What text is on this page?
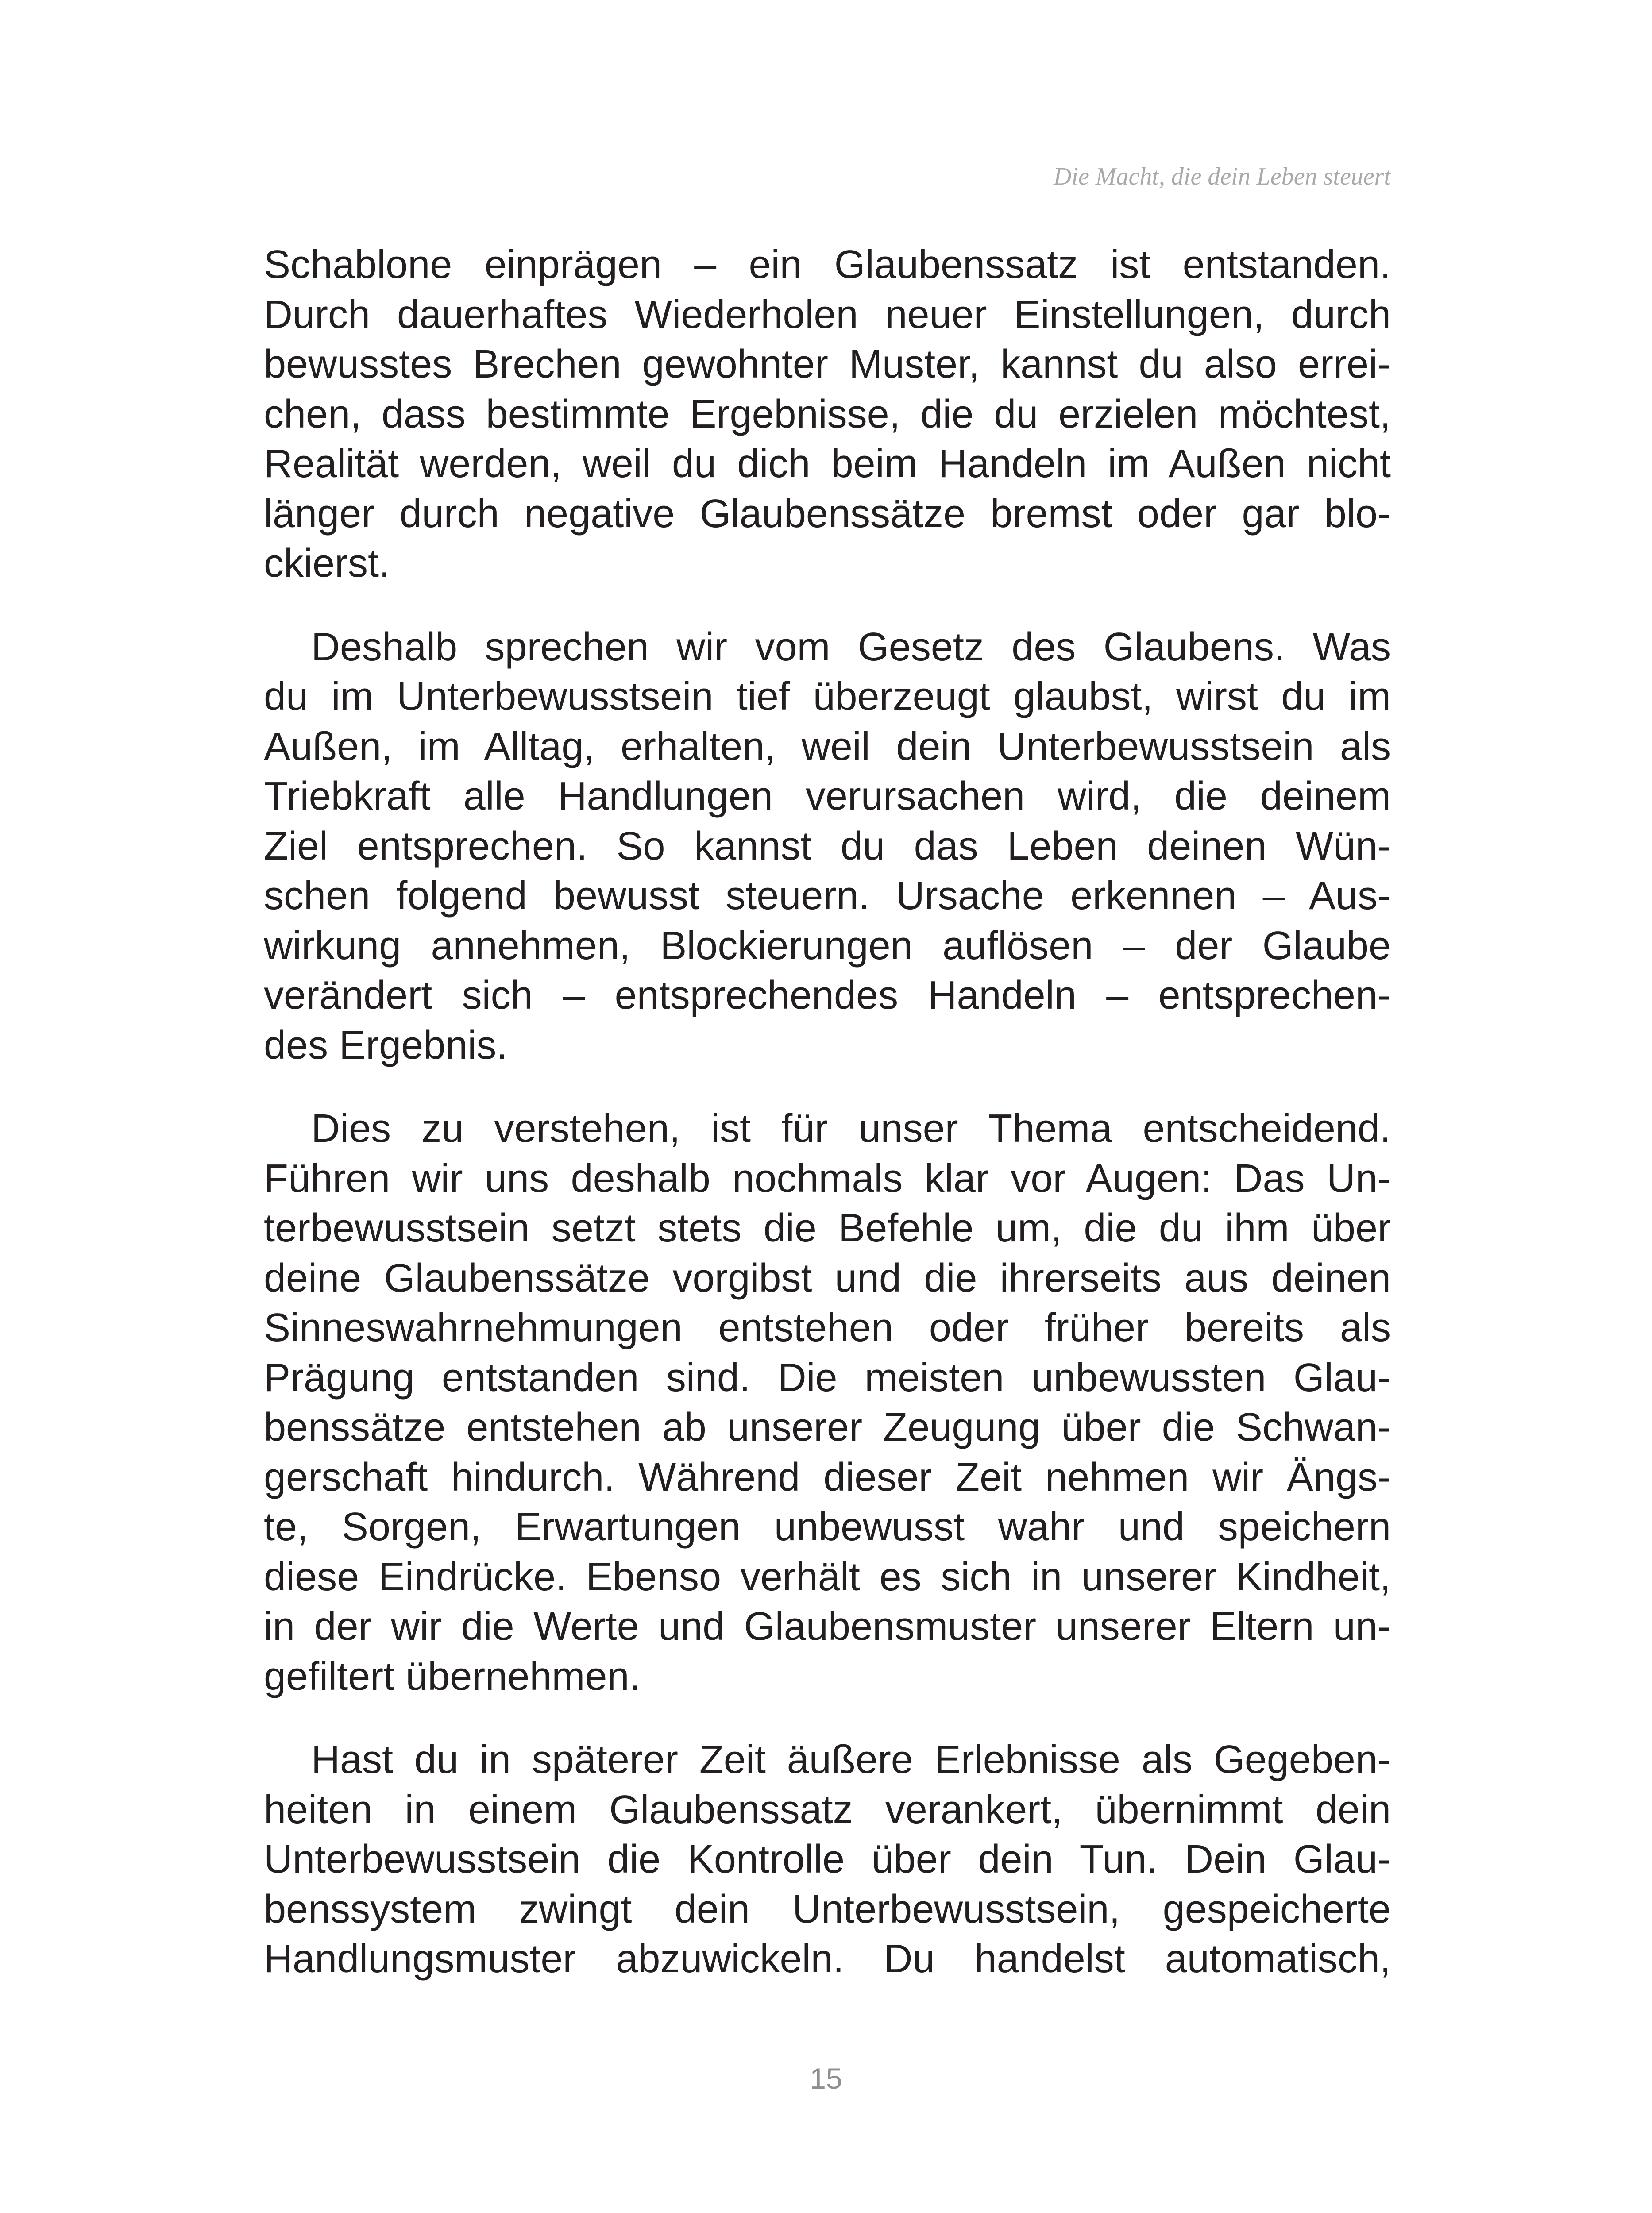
Die Macht, die dein Leben steuert
Schablone einprägen – ein Glaubenssatz ist entstanden.
Durch dauerhaftes Wiederholen neuer Einstellungen, durch
bewusstes Brechen gewohnter Muster, kannst du also errei-
chen, dass bestimmte Ergebnisse, die du erzielen möchtest,
Realität werden, weil du dich beim Handeln im Außen nicht
länger durch negative Glaubenssätze bremst oder gar blo-
ckierst.
Deshalb sprechen wir vom Gesetz des Glaubens. Was
du im Unterbewusstsein tief überzeugt glaubst, wirst du im
Außen, im Alltag, erhalten, weil dein Unterbewusstsein als
Triebkraft alle Handlungen verursachen wird, die deinem
Ziel entsprechen. So kannst du das Leben deinen Wün-
schen folgend bewusst steuern. Ursache erkennen – Aus-
wirkung annehmen, Blockierungen auflösen – der Glaube
verändert sich – entsprechendes Handeln – entsprechen-
des Ergebnis.
Dies zu verstehen, ist für unser Thema entscheidend.
Führen wir uns deshalb nochmals klar vor Augen: Das Un-
terbewusstsein setzt stets die Befehle um, die du ihm über
deine Glaubenssätze vorgibst und die ihrerseits aus deinen
Sinneswahrnehmungen entstehen oder früher bereits als
Prägung entstanden sind. Die meisten unbewussten Glau-
benssätze entstehen ab unserer Zeugung über die Schwan-
gerschaft hindurch. Während dieser Zeit nehmen wir Ängs-
te, Sorgen, Erwartungen unbewusst wahr und speichern
diese Eindrücke. Ebenso verhält es sich in unserer Kindheit,
in der wir die Werte und Glaubensmuster unserer Eltern un-
gefiltert übernehmen.
Hast du in späterer Zeit äußere Erlebnisse als Gegeben-
heiten in einem Glaubenssatz verankert, übernimmt dein
Unterbewusstsein die Kontrolle über dein Tun. Dein Glau-
benssystem zwingt dein Unterbewusstsein, gespeicherte
Handlungsmuster abzuwickeln. Du handelst automatisch,
15
